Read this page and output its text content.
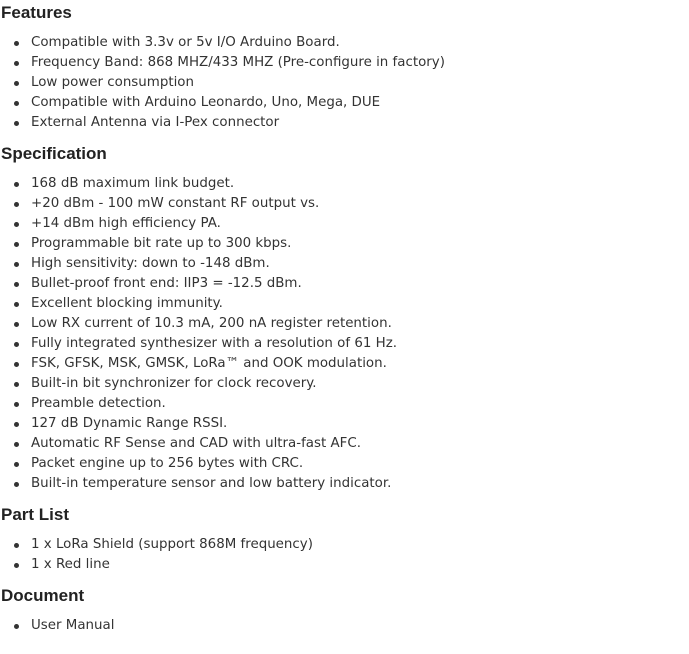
Features
Compatible with 3.3v or 5v I/O Arduino Board.
Frequency Band: 868 MHZ/433 MHZ (Pre-configure in factory)
Low power consumption
Compatible with Arduino Leonardo, Uno, Mega, DUE
External Antenna via I-Pex connector
Specification
168 dB maximum link budget.
+20 dBm - 100 mW constant RF output vs.
+14 dBm high efficiency PA.
Programmable bit rate up to 300 kbps.
High sensitivity: down to -148 dBm.
Bullet-proof front end: IIP3 = -12.5 dBm.
Excellent blocking immunity.
Low RX current of 10.3 mA, 200 nA register retention.
Fully integrated synthesizer with a resolution of 61 Hz.
FSK, GFSK, MSK, GMSK, LoRa™ and OOK modulation.
Built-in bit synchronizer for clock recovery.
Preamble detection.
127 dB Dynamic Range RSSI.
Automatic RF Sense and CAD with ultra-fast AFC.
Packet engine up to 256 bytes with CRC.
Built-in temperature sensor and low battery indicator.
Part List
1 x LoRa Shield (support 868M frequency)
1 x Red line
Document
User Manual
